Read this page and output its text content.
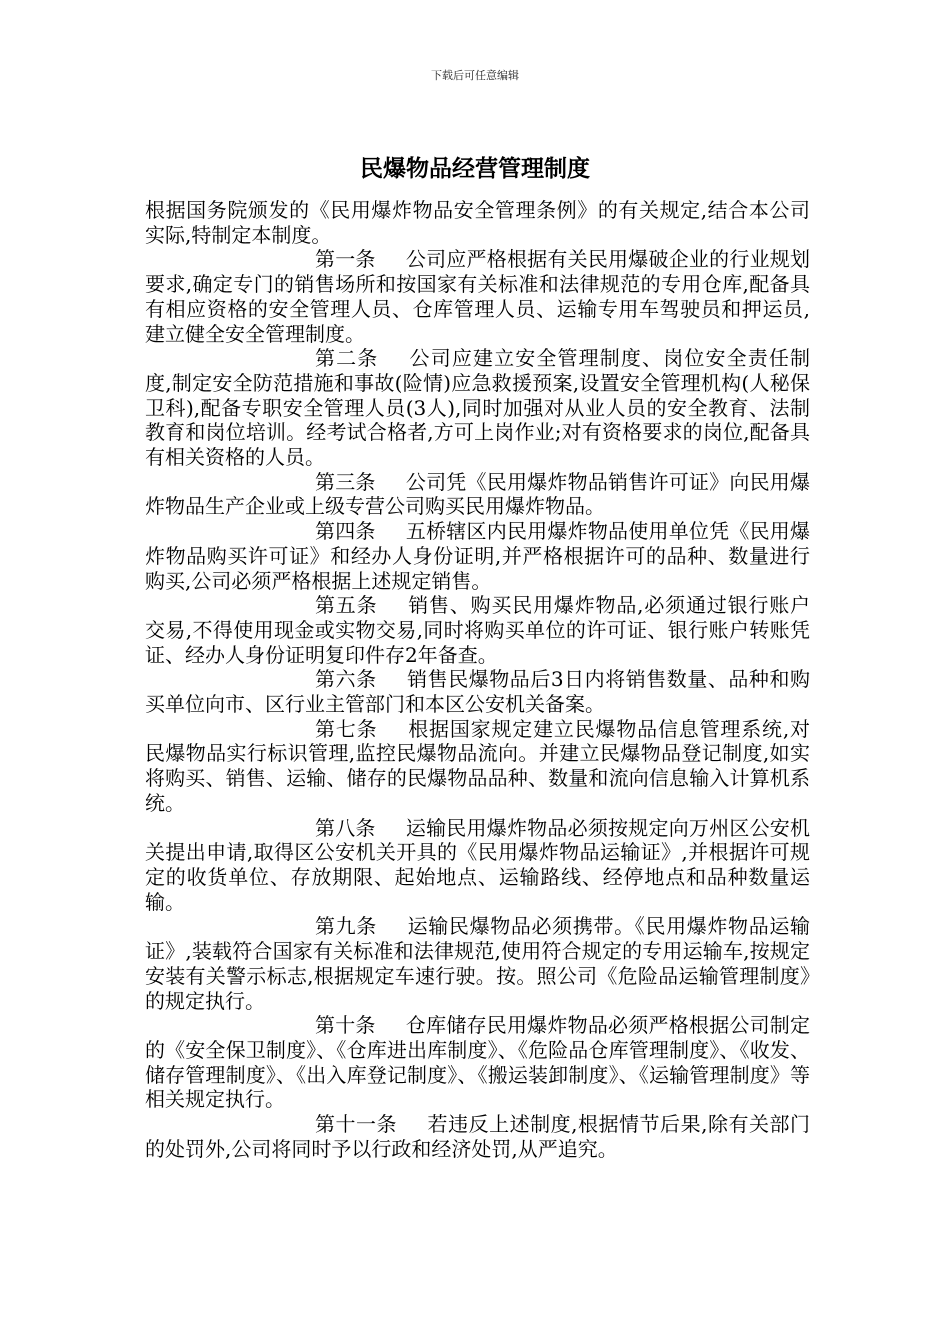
下载后可任意编辑
民爆物品经营管理制度

根据国务院颁发的《民用爆炸物品安全管理条例》的有关规定,结合本公司实际,特制定本制度。

第一条 公司应严格根据有关民用爆破企业的行业规划要求,确定专门的销售场所和按国家有关标准和法律规范的专用仓库,配备具有相应资格的安全管理人员、仓库管理人员、运输专用车驾驶员和押运员,建立健全安全管理制度。

第二条 公司应建立安全管理制度、岗位安全责任制度,制定安全防范措施和事故(险情)应急救援预案,设置安全管理机构(人秘保卫科),配备专职安全管理人员(3人),同时加强对从业人员的安全教育、法制教育和岗位培训。经考试合格者,方可上岗作业;对有资格要求的岗位,配备具有相关资格的人员。

第三条 公司凭《民用爆炸物品销售许可证》向民用爆炸物品生产企业或上级专营公司购买民用爆炸物品。

第四条 五桥辖区内民用爆炸物品使用单位凭《民用爆炸物品购买许可证》和经办人身份证明,并严格根据许可的品种、数量进行购买,公司必须严格根据上述规定销售。

第五条 销售、购买民用爆炸物品,必须通过银行账户交易,不得使用现金或实物交易,同时将购买单位的许可证、银行账户转账凭证、经办人身份证明复印件存2年备查。

第六条 销售民爆物品后3日内将销售数量、品种和购买单位向市、区行业主管部门和本区公安机关备案。

第七条 根据国家规定建立民爆物品信息管理系统,对民爆物品实行标识管理,监控民爆物品流向。并建立民爆物品登记制度,如实将购买、销售、运输、储存的民爆物品品种、数量和流向信息输入计算机系统。

第八条 运输民用爆炸物品必须按规定向万州区公安机关提出申请,取得区公安机关开具的《民用爆炸物品运输证》,并根据许可规定的收货单位、存放期限、起始地点、运输路线、经停地点和品种数量运输。

第九条 运输民爆物品必须携带。《民用爆炸物品运输证》,装载符合国家有关标准和法律规范,使用符合规定的专用运输车,按规定安装有关警示标志,根据规定车速行驶。按。照公司《危险品运输管理制度》的规定执行。

第十条 仓库储存民用爆炸物品必须严格根据公司制定的《安全保卫制度》、《仓库进出库制度》、《危险品仓库管理制度》、《收发、储存管理制度》、《出入库登记制度》、《搬运装卸制度》、《运输管理制度》等相关规定执行。

第十一条 若违反上述制度,根据情节后果,除有关部门的处罚外,公司将同时予以行政和经济处罚,从严追究。
